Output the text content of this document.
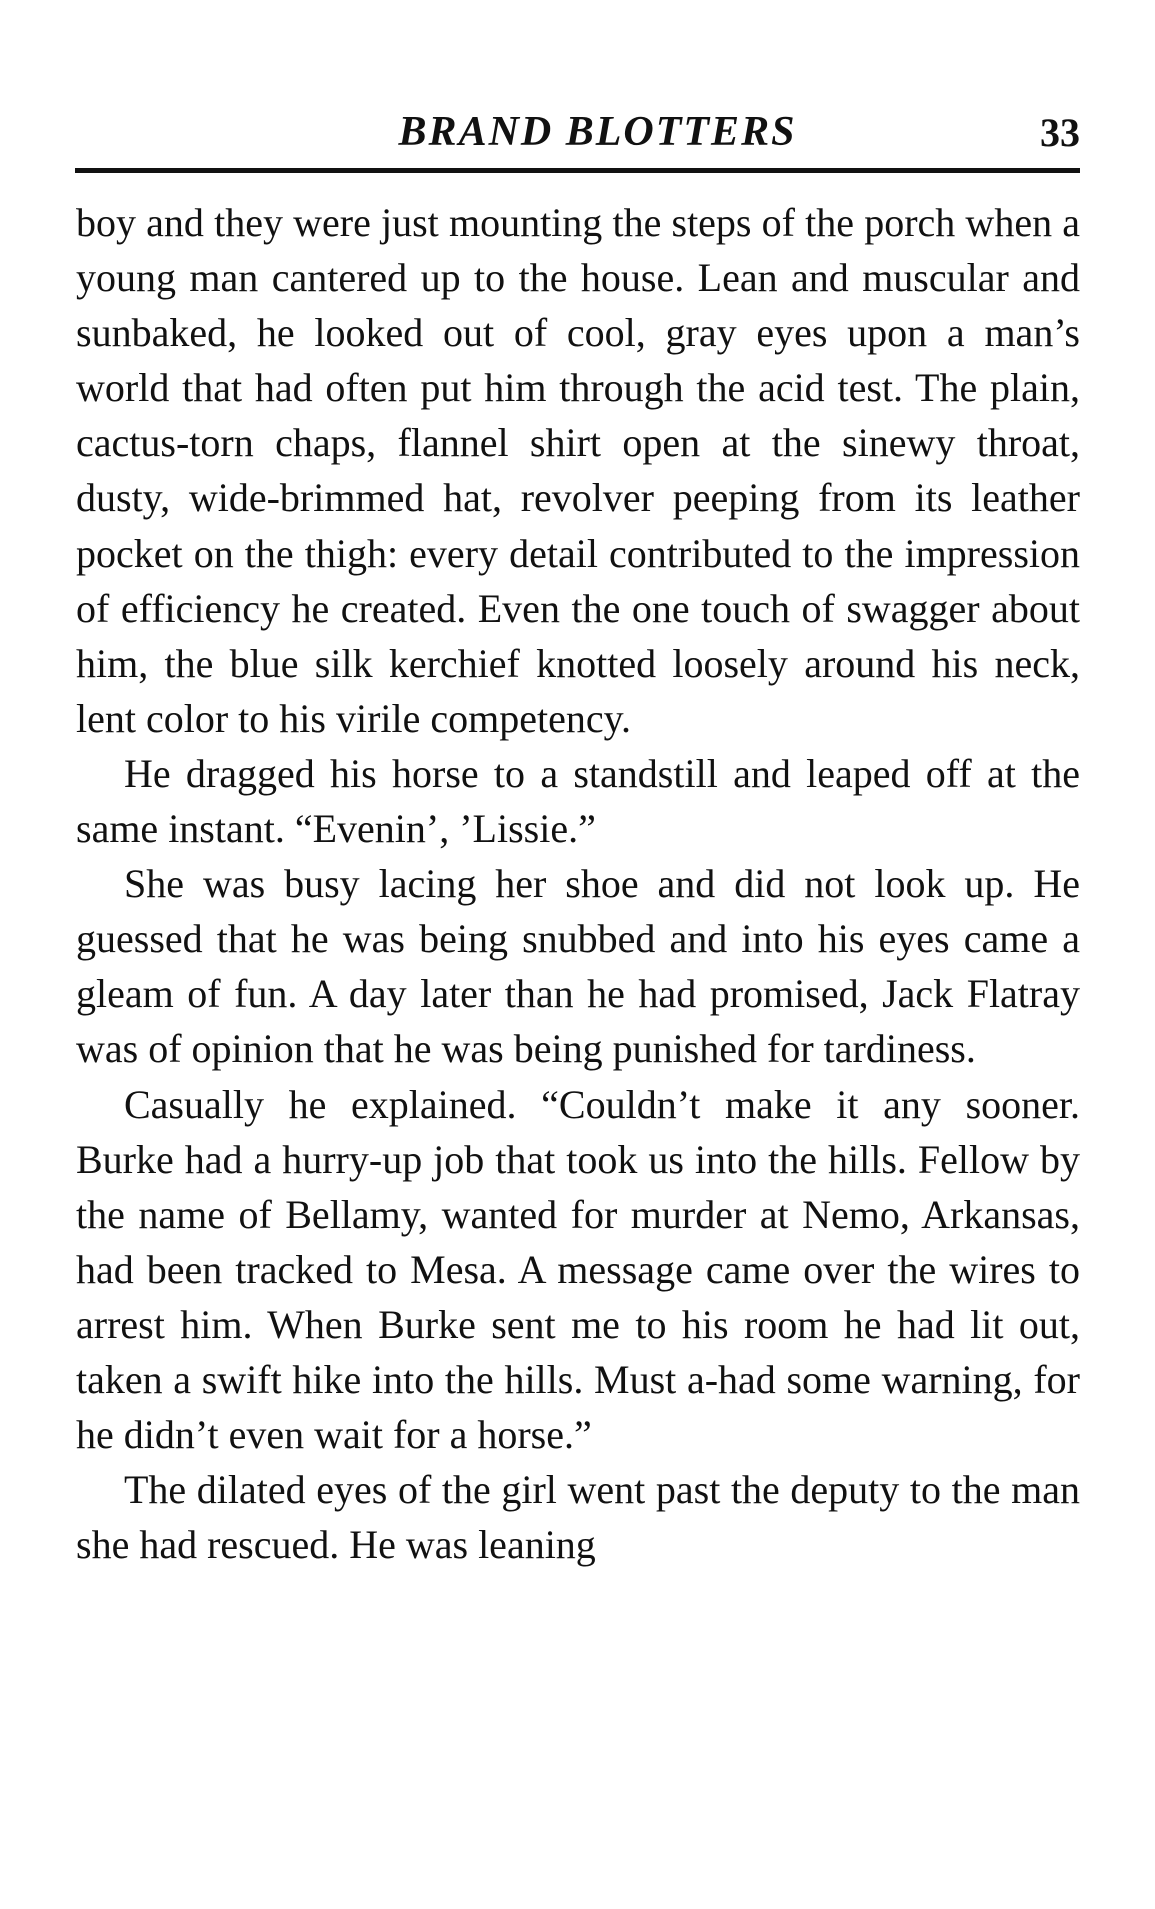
BRAND BLOTTERS	33

boy and they were just mounting the steps of the porch when a young man cantered up to the house. Lean and muscular and sunbaked, he looked out of cool, gray eyes upon a man’s world that had often put him through the acid test. The plain, cactus-torn chaps, flannel shirt open at the sinewy throat, dusty, wide-brimmed hat, revolver peeping from its leather pocket on the thigh: every detail contributed to the impression of efficiency he created. Even the one touch of swagger about him, the blue silk kerchief knotted loosely around his neck, lent color to his virile competency.

He dragged his horse to a standstill and leaped off at the same instant. “Evenin’, ’Lissie.”

She was busy lacing her shoe and did not look up. He guessed that he was being snubbed and into his eyes came a gleam of fun. A day later than he had promised, Jack Flatray was of opinion that he was being punished for tardiness.

Casually he explained. “Couldn’t make it any sooner. Burke had a hurry-up job that took us into the hills. Fellow by the name of Bellamy, wanted for murder at Nemo, Arkansas, had been tracked to Mesa. A message came over the wires to arrest him. When Burke sent me to his room he had lit out, taken a swift hike into the hills. Must a-had some warning, for he didn’t even wait for a horse.”

The dilated eyes of the girl went past the deputy to the man she had rescued. He was leaning
